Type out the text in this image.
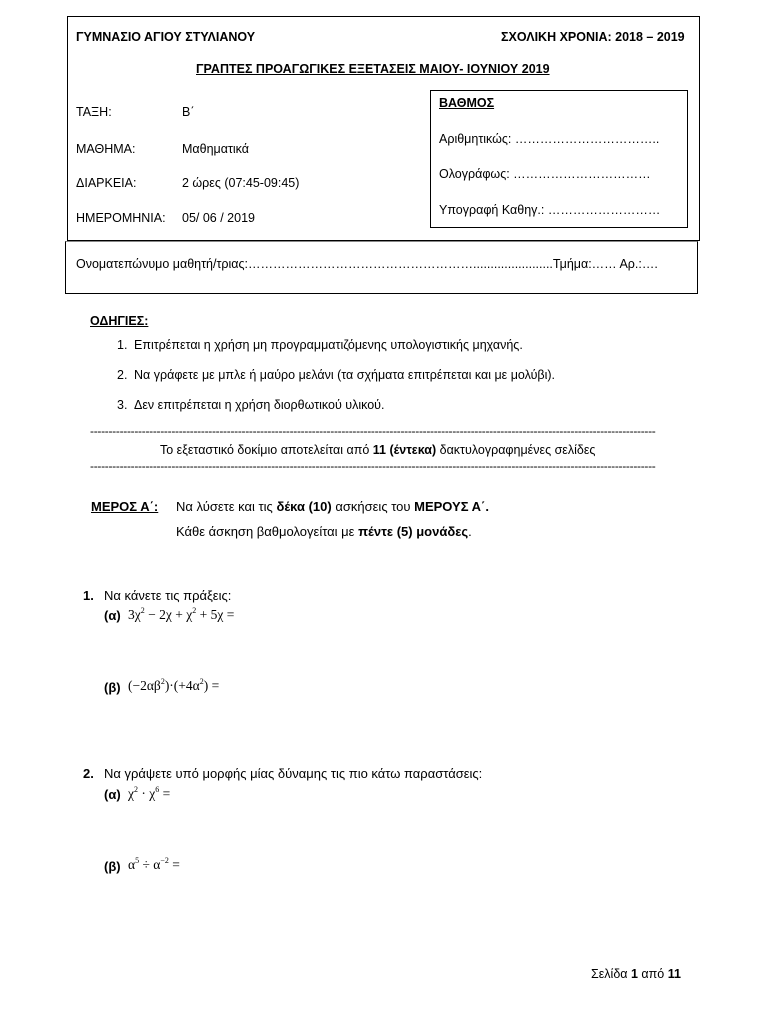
ΓΥΜΝΑΣΙΟ ΑΓΙΟΥ ΣΤΥΛΙΑΝΟΥ	ΣΧΟΛΙΚΗ ΧΡΟΝΙΑ: 2018 – 2019
ΓΡΑΠΤΕΣ ΠΡΟΑΓΩΓΙΚΕΣ ΕΞΕΤΑΣΕΙΣ ΜΑΙΟΥ- ΙΟΥΝΙΟΥ 2019
ΤΑΞΗ:	Β΄
ΜΑΘΗΜΑ:	Μαθηματικά
ΔΙΑΡΚΕΙΑ:	2 ώρες (07:45-09:45)
ΗΜΕΡΟΜΗΝΙΑ: 05/ 06 / 2019
ΒΑΘΜΟΣ
Αριθμητικώς: ……………………………..
Ολογράφως: ……………………………
Υπογραφή Καθηγ.: ………………………
Ονοματεπώνυμο μαθητή/τριας:……………………………………………….......................Τμήμα:…… Αρ.:….
ΟΔΗΓΙΕΣ:
1. Επιτρέπεται η χρήση μη προγραμματιζόμενης υπολογιστικής μηχανής.
2. Να γράφετε με μπλε ή μαύρο μελάνι (τα σχήματα επιτρέπεται και με μολύβι).
3. Δεν επιτρέπεται η χρήση διορθωτικού υλικού.
---------------------------------------------------------------------------------------------------------------------------------------------------------
Το εξεταστικό δοκίμιο αποτελείται από 11 (έντεκα) δακτυλογραφημένες σελίδες
---------------------------------------------------------------------------------------------------------------------------------------------------------
ΜΕΡΟΣ Α΄: Να λύσετε και τις δέκα (10) ασκήσεις του ΜΕΡΟΥΣ Α΄.
Κάθε άσκηση βαθμολογείται με πέντε (5) μονάδες.
1. Να κάνετε τις πράξεις:
(α) $3\chi^2 - 2\chi + \chi^2 + 5\chi$ =
(β) $(-2\alpha\beta^2)\cdot(+4\alpha^2)$ =
2. Να γράψετε υπό μορφής μίας δύναμης τις πιο κάτω παραστάσεις:
(α) $\chi^2 \cdot \chi^6$ =
(β) $\alpha^5 \div \alpha^{-2}$ =
Σελίδα 1 από 11
